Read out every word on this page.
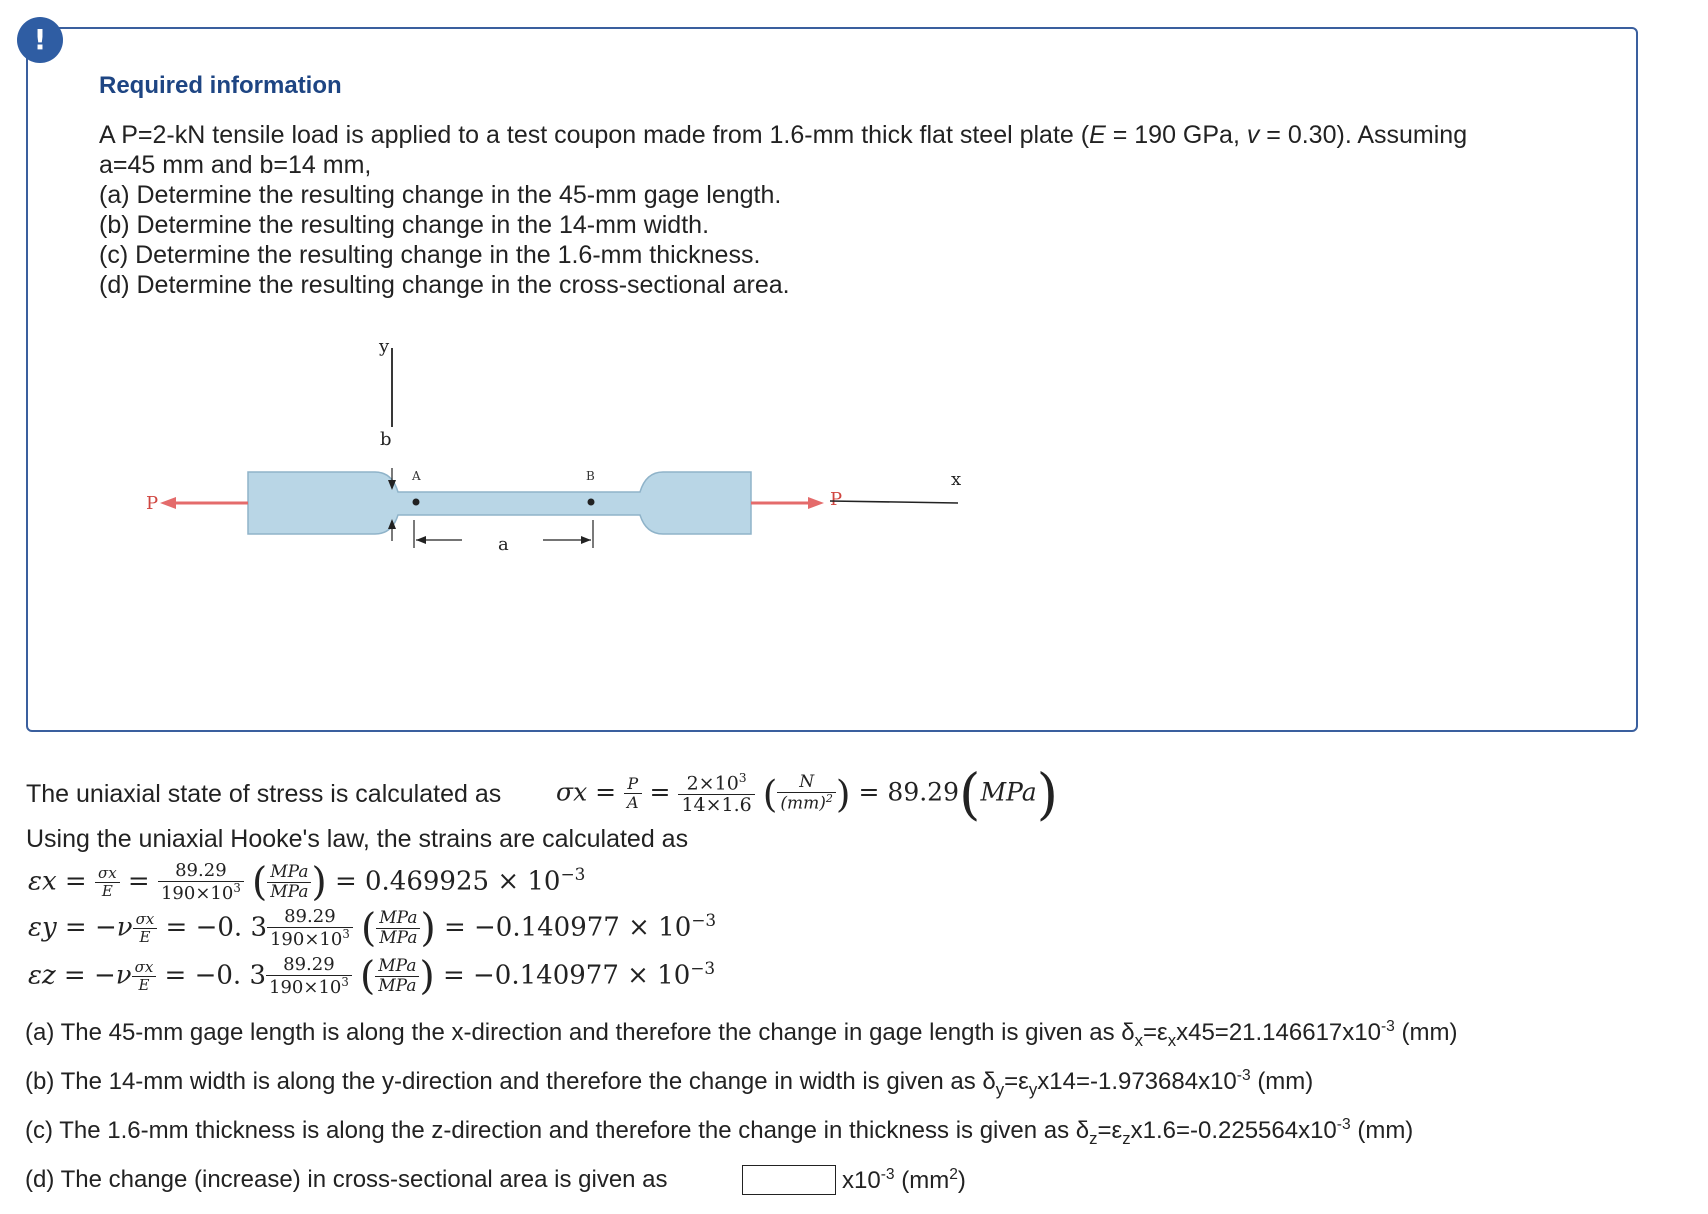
!
Required information

A P=2-kN tensile load is applied to a test coupon made from 1.6-mm thick flat steel plate (E = 190 GPa, v = 0.30). Assuming

a=45 mm and b=14 mm,

(a) Determine the resulting change in the 45-mm gage length.

(b) Determine the resulting change in the 14-mm width.

(c) Determine the resulting change in the 1.6-mm thickness.

(d) Determine the resulting change in the cross-sectional area.

y
b
A	B
a
P	P
x
The uniaxial state of stress is calculated as $\sigma x = \frac{P}{A} = \frac{2\times 10^3}{14\times 1.6}$ ( $\frac{N}{(mm)^2}$ ) = 89.29(MPa)
Using the uniaxial Hooke's law, the strains are calculated as
$\varepsilon x = \frac{\sigma x}{E} = \frac{89.29}{190\times 10^3}$ ( $\frac{\text{MPa}}{\text{MPa}}$ ) = $0.469925 \times 10^{-3}$
$\varepsilon y = -\nu \frac{\sigma x}{E} = -0$. $3 \frac{89.29}{190\times 10^3}$ ( $\frac{\text{MPa}}{\text{MPa}}$ ) = $-0.140977 \times 10^{-3}$
$\varepsilon z = -\nu \frac{\sigma x}{E} = -0$. $3 \frac{89.29}{190\times 10^3}$ ( $\frac{\text{MPa}}{\text{MPa}}$ ) = $-0.140977 \times 10^{-3}$
(a) The 45-mm gage length is along the x-direction and therefore the change in gage length is given as $\delta_x=\varepsilon_xx45=21.146617x10^{-3}$ (mm)
(b) The 14-mm width is along the y-direction and therefore the change in width is given as $\delta_y=\varepsilon_yx14=-1.973684x10^{-3}$ (mm)
(c) The 1.6-mm thickness is along the z-direction and therefore the change in thickness is given as $\delta_z=\varepsilon_zx1.6=-0.225564x10^{-3}$ (mm)
(d) The change (increase) in cross-sectional area is given as	$x10^{-3}$ $(mm^2)$
